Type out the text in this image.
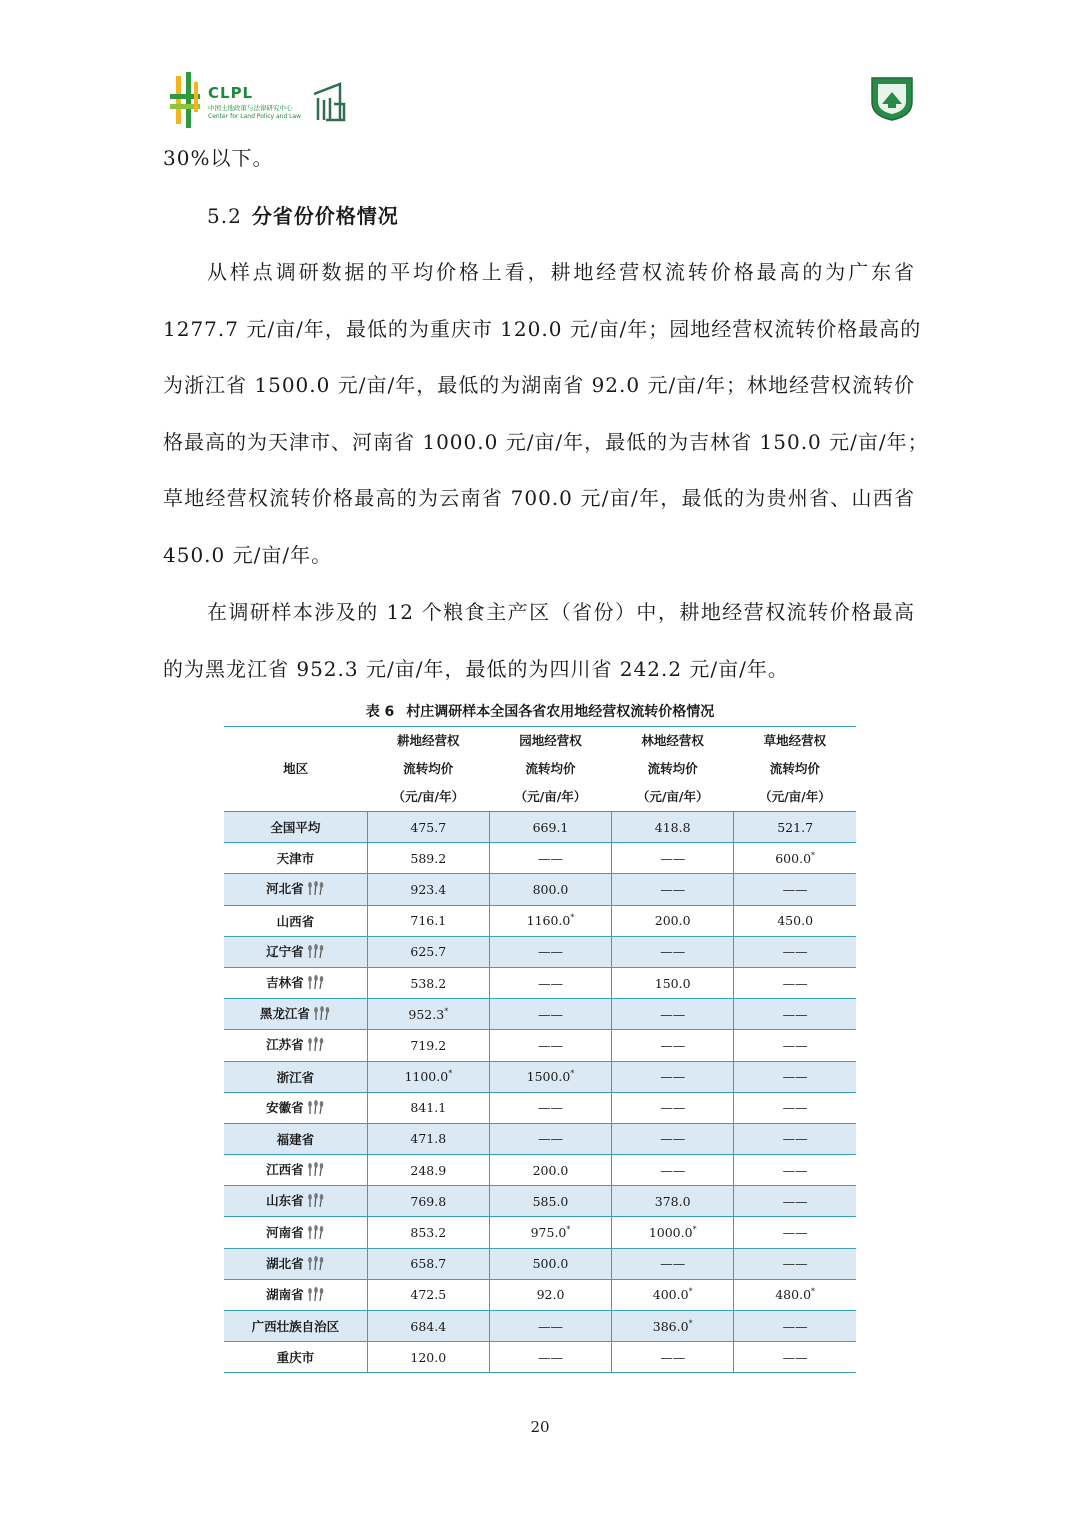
CLPL
中国土地政策与法律研究中心
Center for Land Policy and Law

30%以下。

5.2 分省份价格情况
从样点调研数据的平均价格上看，耕地经营权流转价格最高的为广东省
1277.7 元/亩/年，最低的为重庆市 120.0 元/亩/年；园地经营权流转价格最高的
为浙江省 1500.0 元/亩/年，最低的为湖南省 92.0 元/亩/年；林地经营权流转价
格最高的为天津市、河南省 1000.0 元/亩/年，最低的为吉林省 150.0 元/亩/年；
草地经营权流转价格最高的为云南省 700.0 元/亩/年，最低的为贵州省、山西省
450.0 元/亩/年。
在调研样本涉及的 12 个粮食主产区（省份）中，耕地经营权流转价格最高
的为黑龙江省 952.3 元/亩/年，最低的为四川省 242.2 元/亩/年。
表 6 村庄调研样本全国各省农用地经营权流转价格情况
地区	耕地经营权
流转均价
（元/亩/年）	园地经营权
流转均价
（元/亩/年）	林地经营权
流转均价
（元/亩/年）	草地经营权
流转均价
（元/亩/年）

全国平均	475.7	669.1	418.8	521.7
天津市	589.2	——	——	600.0*
河北省	923.4	800.0	——	——
山西省	716.1	1160.0*	200.0	450.0
辽宁省	625.7	——	——	——
吉林省	538.2	——	150.0	——
黑龙江省	952.3*	——	——	——
江苏省	719.2	——	——	——
浙江省	1100.0*	1500.0*	——	——
安徽省	841.1	——	——	——
福建省	471.8	——	——	——
江西省	248.9	200.0	——	——
山东省	769.8	585.0	378.0	——
河南省	853.2	975.0*	1000.0*	——
湖北省	658.7	500.0	——	——
湖南省	472.5	92.0	400.0*	480.0*
广西壮族自治区	684.4	——	386.0*	——
重庆市	120.0	——	——	——
20
